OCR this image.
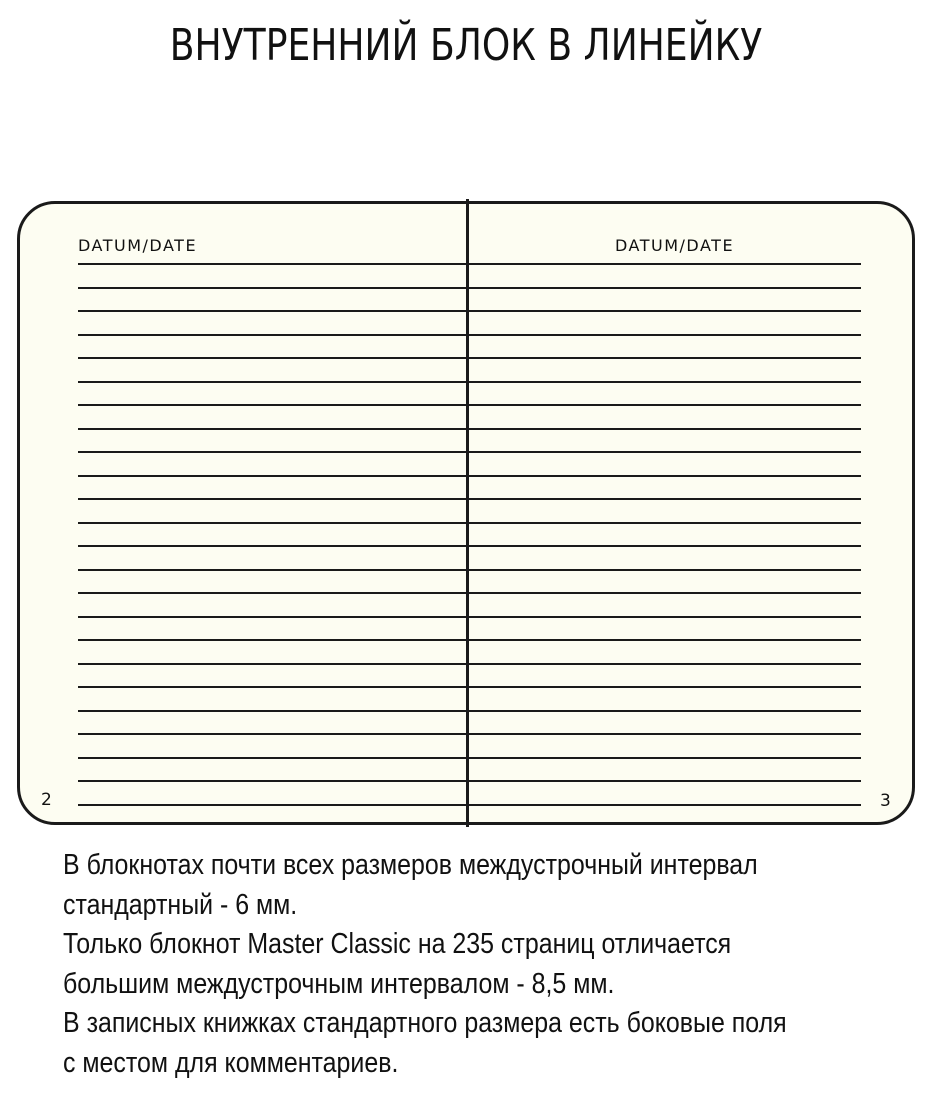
ВНУТРЕННИЙ БЛОК В ЛИНЕЙКУ
DATUM/DATE	DATUM/DATE
2	3

В блокнотах почти всех размеров междустрочный интервал

стандартный - 6 мм.

Только блокнот Master Classic на 235 страниц отличается

большим междустрочным интервалом - 8,5 мм.

В записных книжках стандартного размера есть боковые поля

с местом для комментариев.
